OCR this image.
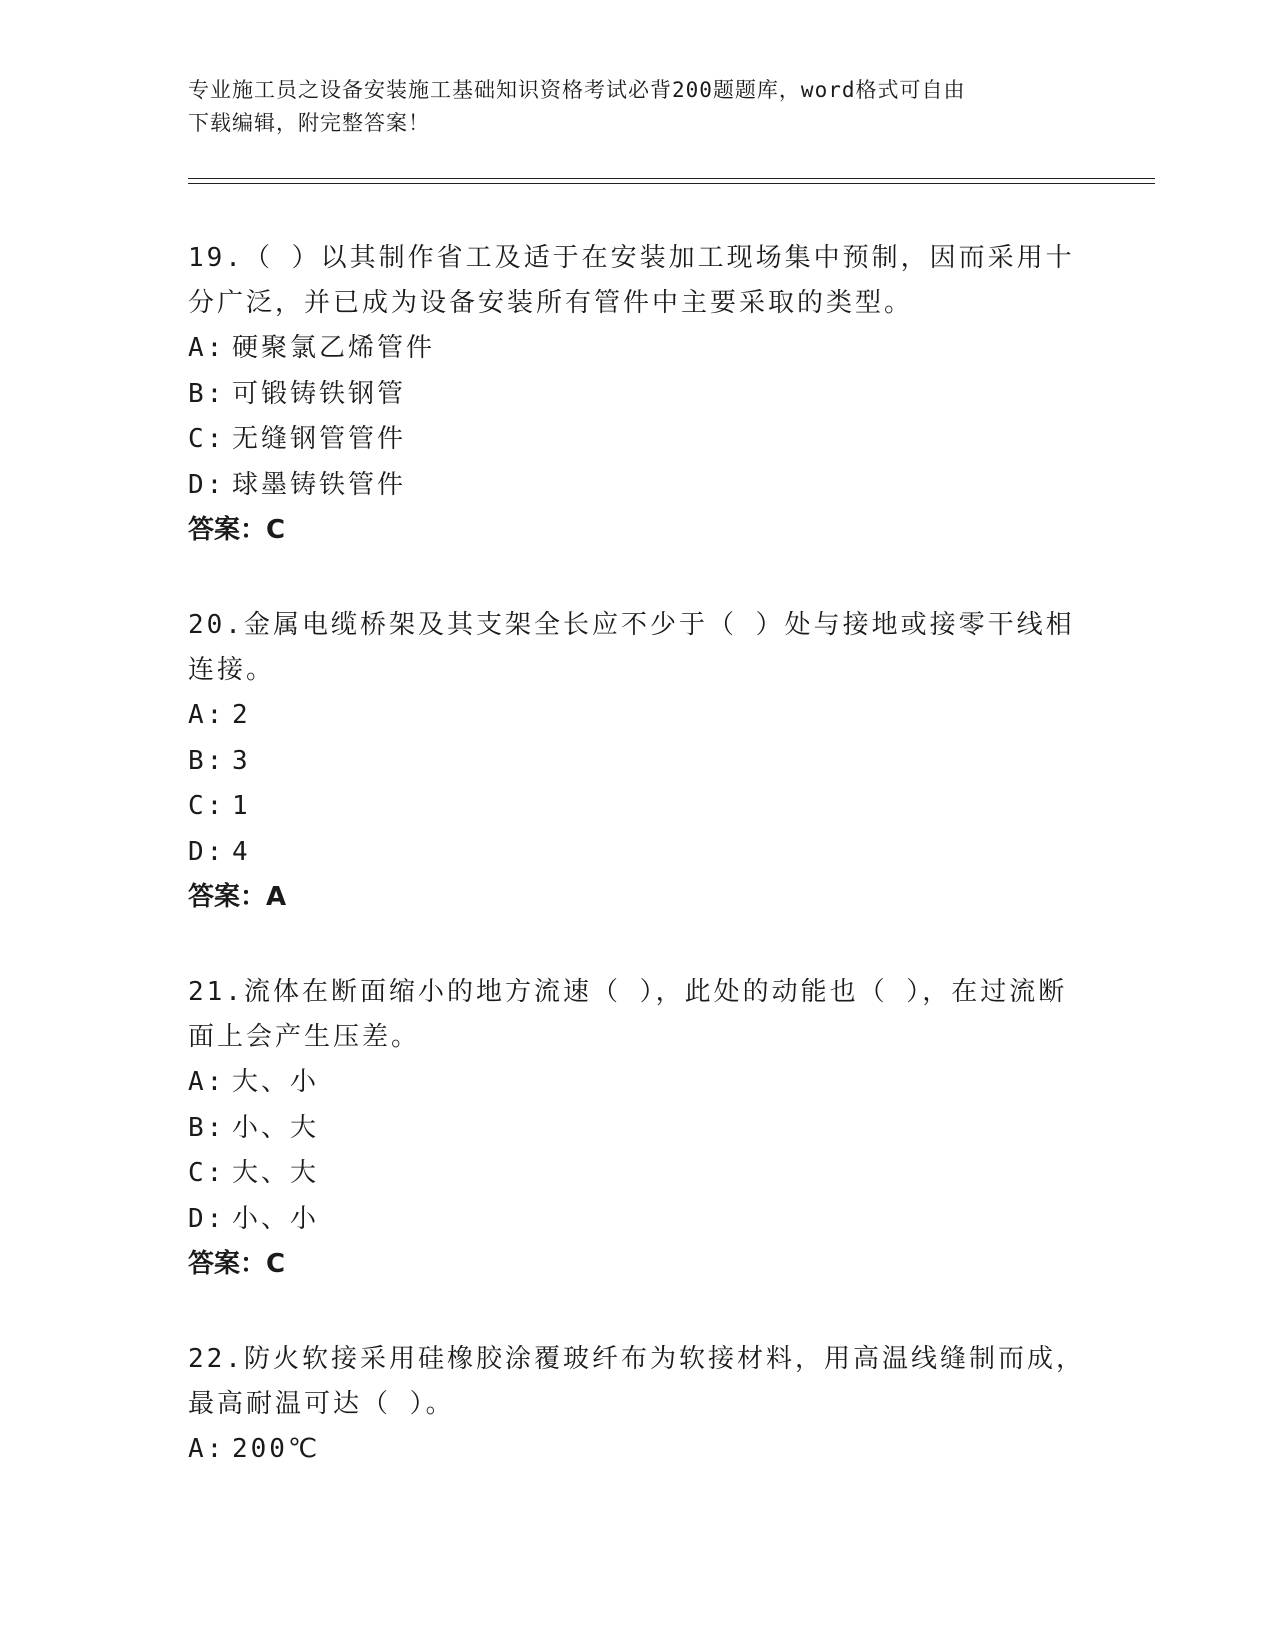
专业施工员之设备安装施工基础知识资格考试必背200题题库，word格式可自由
下载编辑，附完整答案！
19.（ ）以其制作省工及适于在安装加工现场集中预制，因而采用十
分广泛，并已成为设备安装所有管件中主要采取的类型。
A: 硬聚氯乙烯管件
B: 可锻铸铁钢管
C: 无缝钢管管件
D: 球墨铸铁管件
答案：C
20.金属电缆桥架及其支架全长应不少于（ ）处与接地或接零干线相
连接。
A: 2
B: 3
C: 1
D: 4
答案：A
21.流体在断面缩小的地方流速（ ），此处的动能也（ ），在过流断
面上会产生压差。
A: 大、小
B: 小、大
C: 大、大
D: 小、小
答案：C
22.防火软接采用硅橡胶涂覆玻纤布为软接材料，用高温线缝制而成，
最高耐温可达（ ）。
A: 200℃
